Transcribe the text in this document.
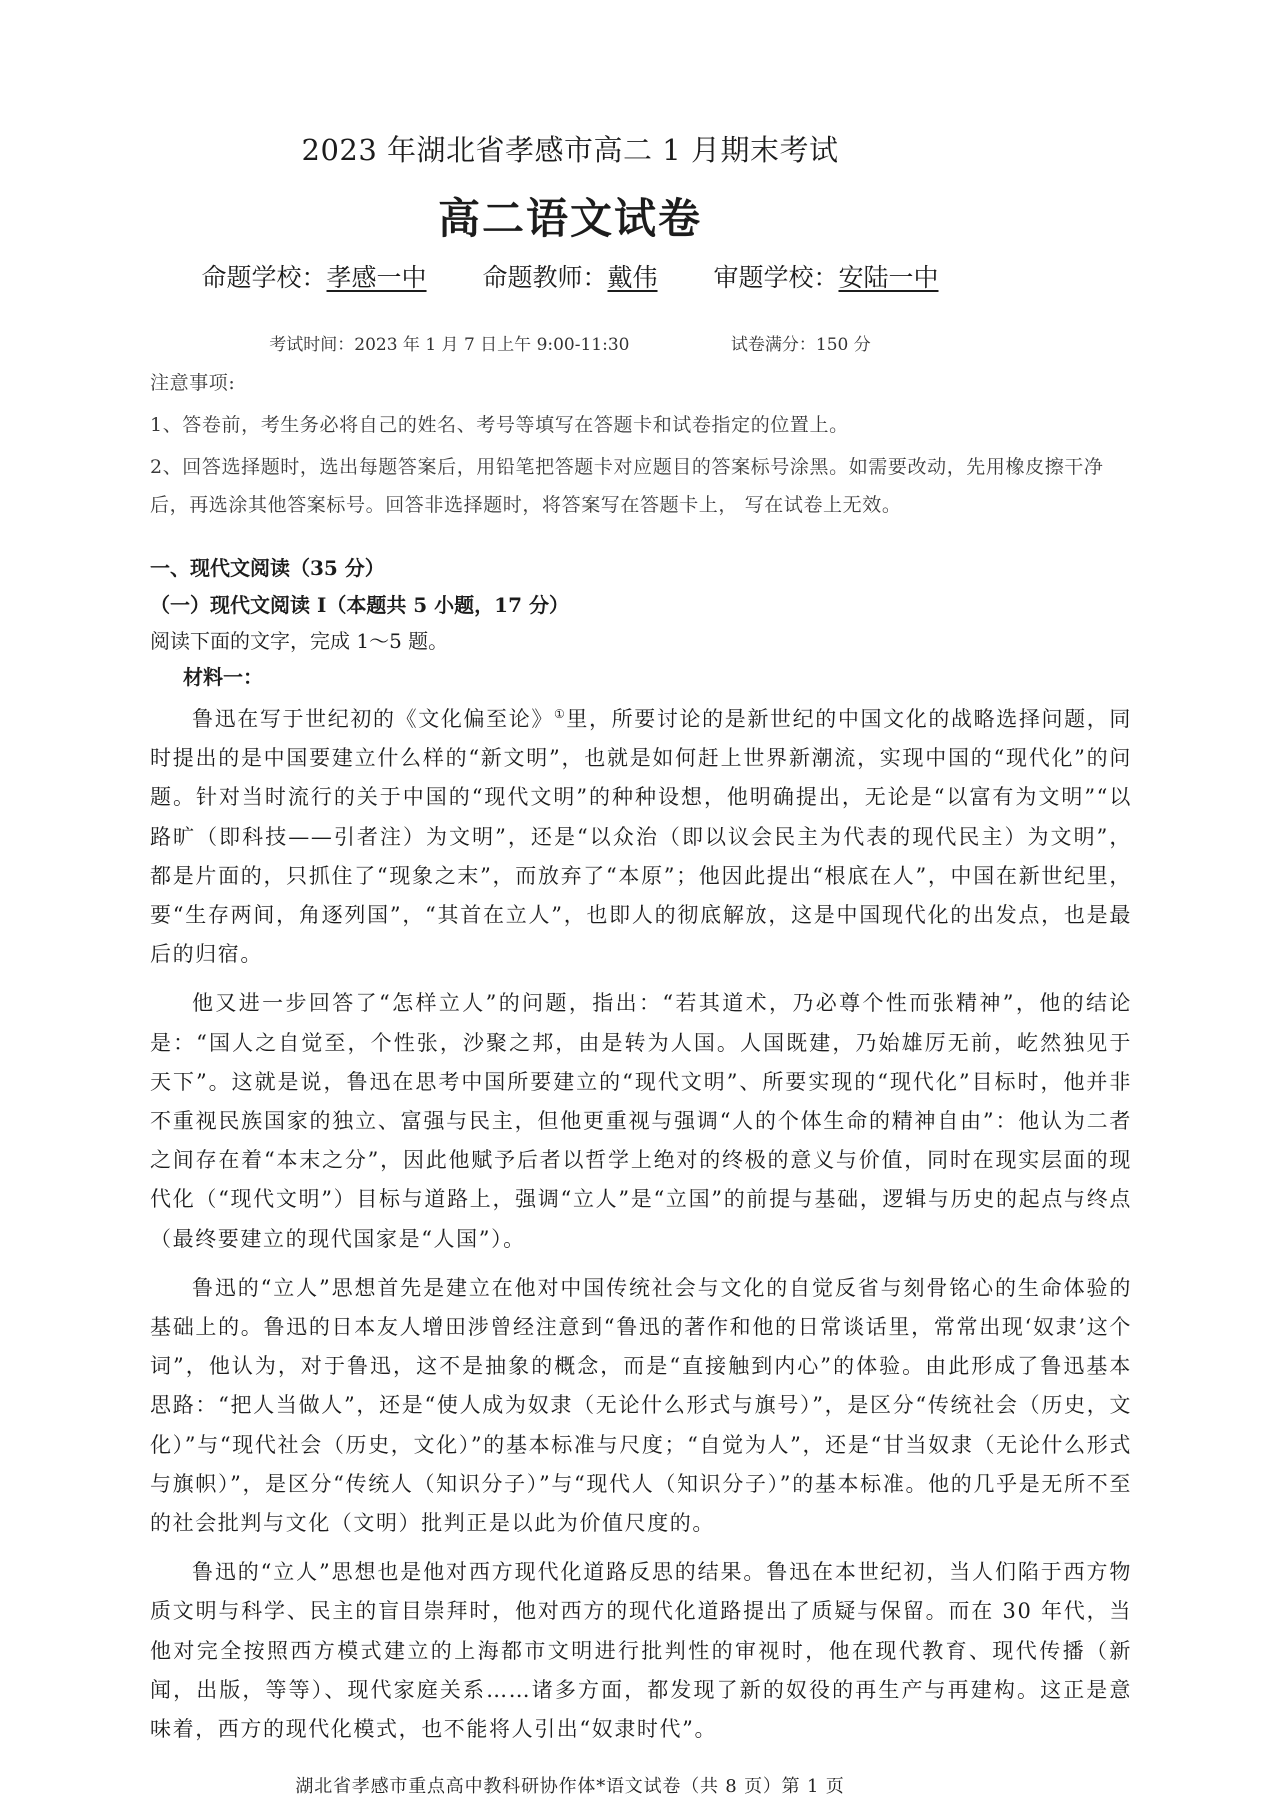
2023 年湖北省孝感市高二 1 月期末考试
高二语文试卷
命题学校：孝感一中 命题教师：戴伟 审题学校：安陆一中
考试时间：2023 年 1 月 7 日上午 9:00-11:30	试卷满分：150 分
注意事项:
1、答卷前，考生务必将自己的姓名、考号等填写在答题卡和试卷指定的位置上。
2、回答选择题时，选出每题答案后，用铅笔把答题卡对应题目的答案标号涂黑。如需要改动，先用橡皮擦干净后，再选涂其他答案标号。回答非选择题时，将答案写在答题卡上， 写在试卷上无效。
一、现代文阅读（35 分）
（一）现代文阅读 I（本题共 5 小题，17 分）
阅读下面的文字，完成 1～5 题。
材料一：

鲁迅在写于世纪初的《文化偏至论》①里，所要讨论的是新世纪的中国文化的战略选择问题，同时提出的是中国要建立什么样的“新文明”，也就是如何赶上世界新潮流，实现中国的“现代化”的问题。针对当时流行的关于中国的“现代文明”的种种设想，他明确提出，无论是“以富有为文明”“以路旷（即科技——引者注）为文明”，还是“以众治（即以议会民主为代表的现代民主）为文明”，都是片面的，只抓住了“现象之末”，而放弃了“本原”；他因此提出“根底在人”，中国在新世纪里，要“生存两间，角逐列国”，“其首在立人”，也即人的彻底解放，这是中国现代化的出发点，也是最后的归宿。

他又进一步回答了“怎样立人”的问题，指出：“若其道术，乃必尊个性而张精神”，他的结论是：“国人之自觉至，个性张，沙聚之邦，由是转为人国。人国既建，乃始雄厉无前，屹然独见于天下”。这就是说，鲁迅在思考中国所要建立的“现代文明”、所要实现的“现代化”目标时，他并非不重视民族国家的独立、富强与民主，但他更重视与强调“人的个体生命的精神自由”：他认为二者之间存在着“本末之分”，因此他赋予后者以哲学上绝对的终极的意义与价值，同时在现实层面的现代化（“现代文明”）目标与道路上，强调“立人”是“立国”的前提与基础，逻辑与历史的起点与终点（最终要建立的现代国家是“人国”）。

鲁迅的“立人”思想首先是建立在他对中国传统社会与文化的自觉反省与刻骨铭心的生命体验的基础上的。鲁迅的日本友人增田涉曾经注意到“鲁迅的著作和他的日常谈话里，常常出现‘奴隶’这个词”，他认为，对于鲁迅，这不是抽象的概念，而是“直接触到内心”的体验。由此形成了鲁迅基本思路：“把人当做人”，还是“使人成为奴隶（无论什么形式与旗号）”，是区分“传统社会（历史，文化）”与“现代社会（历史，文化）”的基本标准与尺度；“自觉为人”，还是“甘当奴隶（无论什么形式与旗帜）”，是区分“传统人（知识分子）”与“现代人（知识分子）”的基本标准。他的几乎是无所不至的社会批判与文化（文明）批判正是以此为价值尺度的。

鲁迅的“立人”思想也是他对西方现代化道路反思的结果。鲁迅在本世纪初，当人们陷于西方物质文明与科学、民主的盲目崇拜时，他对西方的现代化道路提出了质疑与保留。而在 30 年代，当他对完全按照西方模式建立的上海都市文明进行批判性的审视时，他在现代教育、现代传播（新闻，出版，等等）、现代家庭关系……诸多方面，都发现了新的奴役的再生产与再建构。这正是意味着，西方的现代化模式，也不能将人引出“奴隶时代”。

湖北省孝感市重点高中教科研协作体*语文试卷（共 8 页）第 1 页
